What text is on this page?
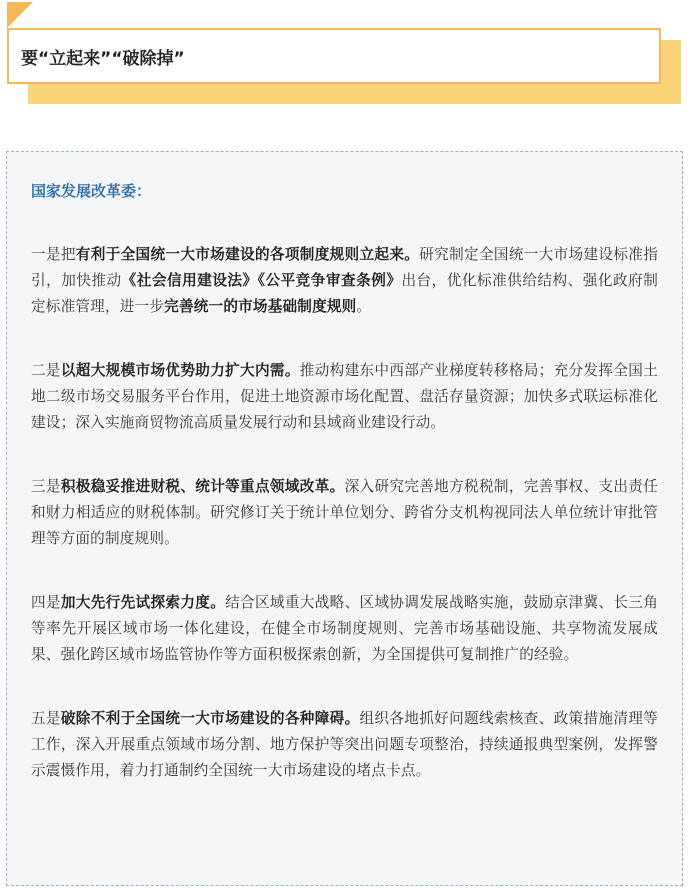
要“立起来”“破除掉”
国家发展改革委：

一是把有利于全国统一大市场建设的各项制度规则立起来。研究制定全国统一大市场建设标准指引，加快推动《社会信用建设法》《公平竞争审查条例》出台，优化标准供给结构、强化政府制定标准管理，进一步完善统一的市场基础制度规则。

二是以超大规模市场优势助力扩大内需。推动构建东中西部产业梯度转移格局；充分发挥全国土地二级市场交易服务平台作用，促进土地资源市场化配置、盘活存量资源；加快多式联运标准化建设；深入实施商贸物流高质量发展行动和县域商业建设行动。

三是积极稳妥推进财税、统计等重点领域改革。深入研究完善地方税税制，完善事权、支出责任和财力相适应的财税体制。研究修订关于统计单位划分、跨省分支机构视同法人单位统计审批管理等方面的制度规则。

四是加大先行先试探索力度。结合区域重大战略、区域协调发展战略实施，鼓励京津冀、长三角等率先开展区域市场一体化建设，在健全市场制度规则、完善市场基础设施、共享物流发展成果、强化跨区域市场监管协作等方面积极探索创新，为全国提供可复制推广的经验。

五是破除不利于全国统一大市场建设的各种障碍。组织各地抓好问题线索核查、政策措施清理等工作，深入开展重点领域市场分割、地方保护等突出问题专项整治，持续通报典型案例，发挥警示震慑作用，着力打通制约全国统一大市场建设的堵点卡点。
